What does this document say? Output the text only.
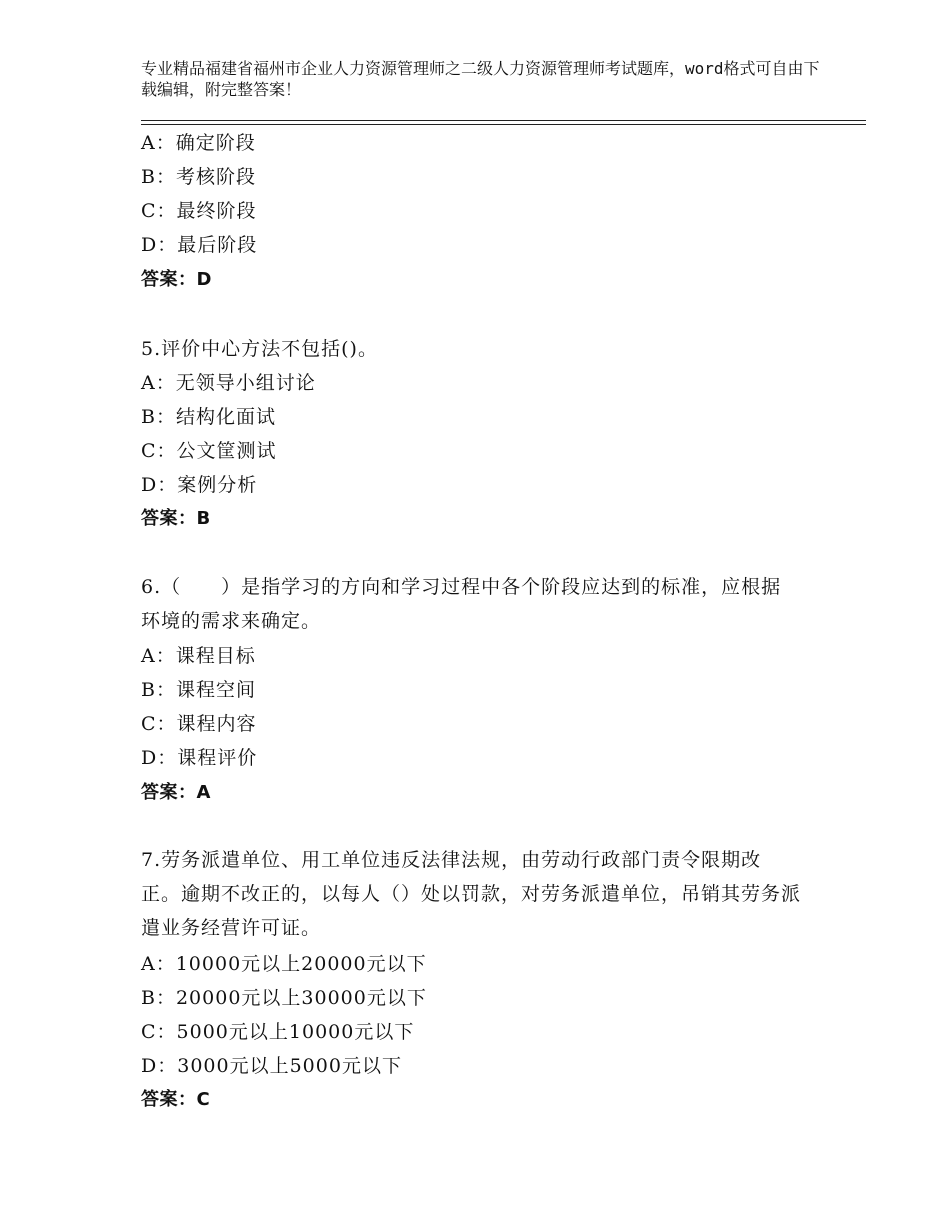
专业精品福建省福州市企业人力资源管理师之二级人力资源管理师考试题库，word格式可自由下载编辑，附完整答案！
A：确定阶段
B：考核阶段
C：最终阶段
D：最后阶段
答案：D
5.评价中心方法不包括()。
A：无领导小组讨论
B：结构化面试
C：公文筐测试
D：案例分析
答案：B
6.（　　）是指学习的方向和学习过程中各个阶段应达到的标准，应根据环境的需求来确定。
A：课程目标
B：课程空间
C：课程内容
D：课程评价
答案：A
7.劳务派遣单位、用工单位违反法律法规，由劳动行政部门责令限期改正。逾期不改正的，以每人（）处以罚款，对劳务派遣单位，吊销其劳务派遣业务经营许可证。
A：10000元以上20000元以下
B：20000元以上30000元以下
C：5000元以上10000元以下
D：3000元以上5000元以下
答案：C
